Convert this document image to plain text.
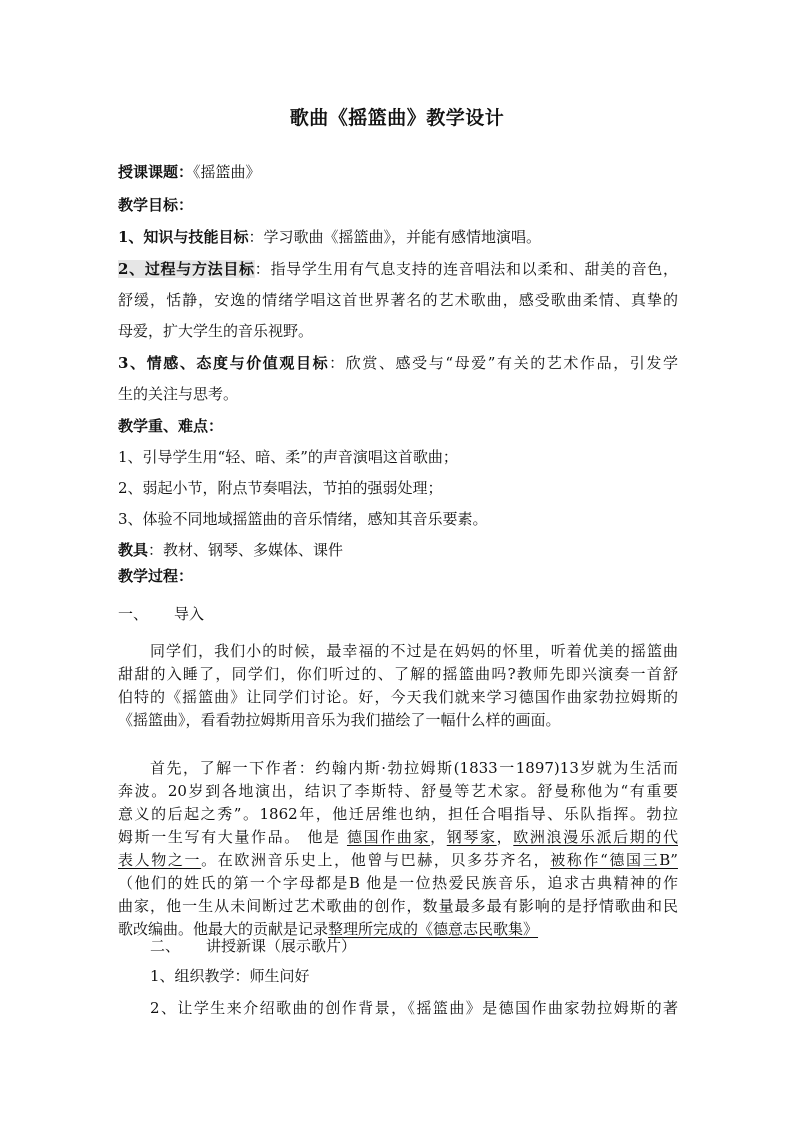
歌曲《摇篮曲》教学设计
授课课题：《摇篮曲》
教学目标：
1、知识与技能目标：学习歌曲《摇篮曲》，并能有感情地演唱。
2、过程与方法目标：指导学生用有气息支持的连音唱法和以柔和、甜美的音色，
舒缓，恬静，安逸的情绪学唱这首世界著名的艺术歌曲，感受歌曲柔情、真挚的
母爱，扩大学生的音乐视野。
3、情感、态度与价值观目标：欣赏、感受与“母爱”有关的艺术作品，引发学
生的关注与思考。
教学重、难点：
1、引导学生用“轻、暗、柔”的声音演唱这首歌曲；
2、弱起小节，附点节奏唱法，节拍的强弱处理；
3、体验不同地域摇篮曲的音乐情绪，感知其音乐要素。
教具：教材、钢琴、多媒体、课件
教学过程：
一、 导入
同学们，我们小的时候，最幸福的不过是在妈妈的怀里，听着优美的摇篮曲
甜甜的入睡了，同学们，你们听过的、了解的摇篮曲吗?教师先即兴演奏一首舒
伯特的《摇篮曲》让同学们讨论。好，今天我们就来学习德国作曲家勃拉姆斯的
《摇篮曲》，看看勃拉姆斯用音乐为我们描绘了一幅什么样的画面。
首先，了解一下作者：约翰内斯·勃拉姆斯(1833一1897)13岁就为生活而
奔波。20岁到各地演出，结识了李斯特、舒曼等艺术家。舒曼称他为“有重要
意义的后起之秀”。1862年，他迁居维也纳，担任合唱指导、乐队指挥。勃拉
姆斯一生写有大量作品。 他是 德国作曲家，钢琴家，欧洲浪漫乐派后期的代
表人物之一。在欧洲音乐史上，他曾与巴赫，贝多芬齐名，被称作“德国三B”
（他们的姓氏的第一个字母都是B 他是一位热爱民族音乐，追求古典精神的作
曲家，他一生从未间断过艺术歌曲的创作，数量最多最有影响的是抒情歌曲和民
歌改编曲。他最大的贡献是记录整理所完成的《德意志民歌集》
二、 讲授新课（展示歌片）
1、组织教学：师生问好
2、让学生来介绍歌曲的创作背景，《摇篮曲》是德国作曲家勃拉姆斯的著
